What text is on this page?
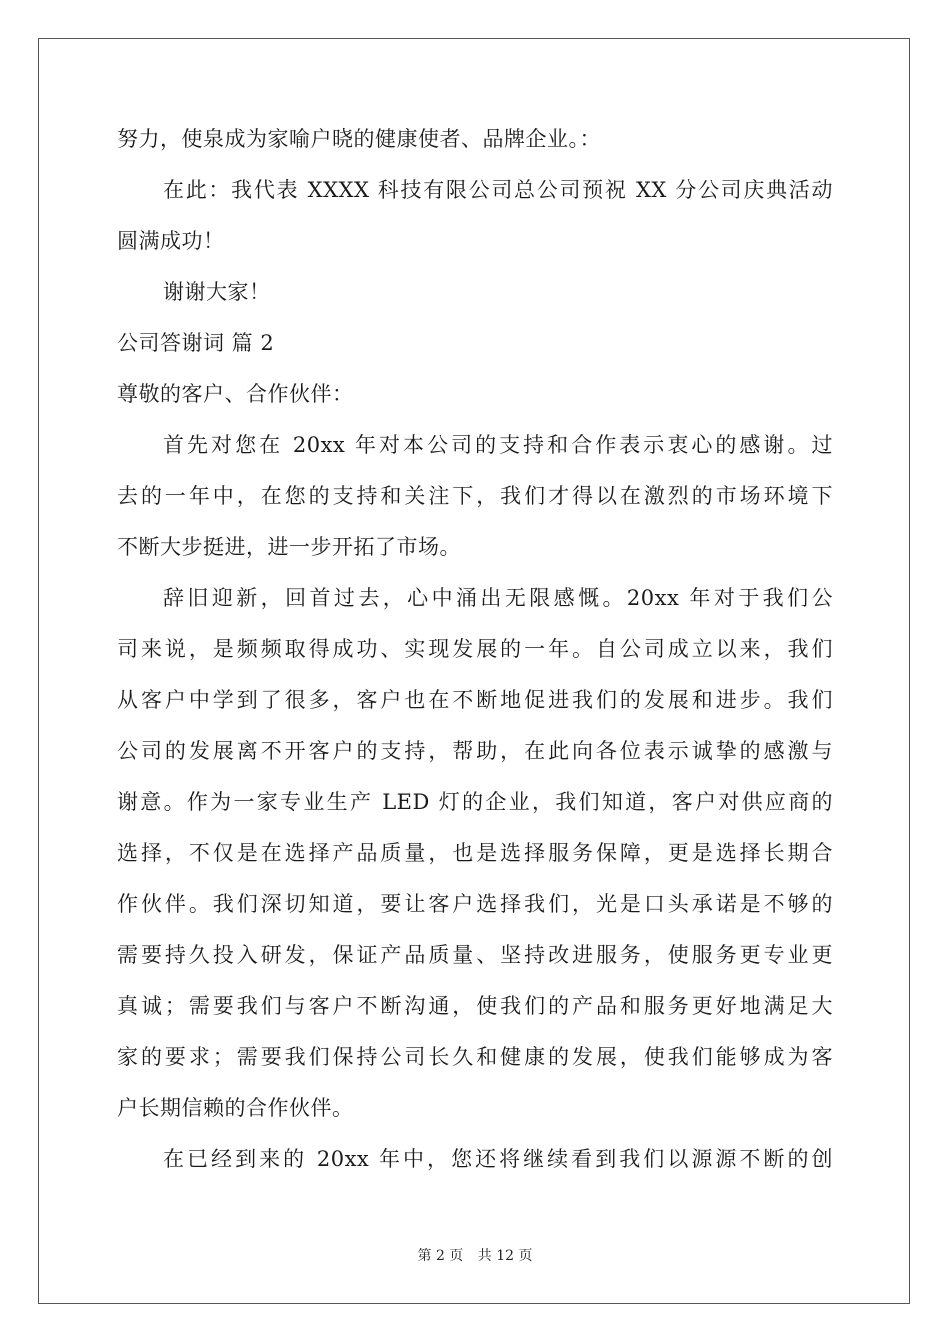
努力，使泉成为家喻户晓的健康使者、品牌企业。：
在此：我代表 XXXX 科技有限公司总公司预祝 XX 分公司庆典活动
圆满成功！
谢谢大家！
公司答谢词 篇 2
尊敬的客户、合作伙伴：
首先对您在 20xx 年对本公司的支持和合作表示衷心的感谢。过
去的一年中，在您的支持和关注下，我们才得以在激烈的市场环境下
不断大步挺进，进一步开拓了市场。
辞旧迎新，回首过去，心中涌出无限感慨。20xx 年对于我们公
司来说，是频频取得成功、实现发展的一年。自公司成立以来，我们
从客户中学到了很多，客户也在不断地促进我们的发展和进步。我们
公司的发展离不开客户的支持，帮助，在此向各位表示诚挚的感激与
谢意。作为一家专业生产 LED 灯的企业，我们知道，客户对供应商的
选择，不仅是在选择产品质量，也是选择服务保障，更是选择长期合
作伙伴。我们深切知道，要让客户选择我们，光是口头承诺是不够的
需要持久投入研发，保证产品质量、坚持改进服务，使服务更专业更
真诚；需要我们与客户不断沟通，使我们的产品和服务更好地满足大
家的要求；需要我们保持公司长久和健康的发展，使我们能够成为客
户长期信赖的合作伙伴。
在已经到来的 20xx 年中，您还将继续看到我们以源源不断的创
第 2 页 共 12 页
